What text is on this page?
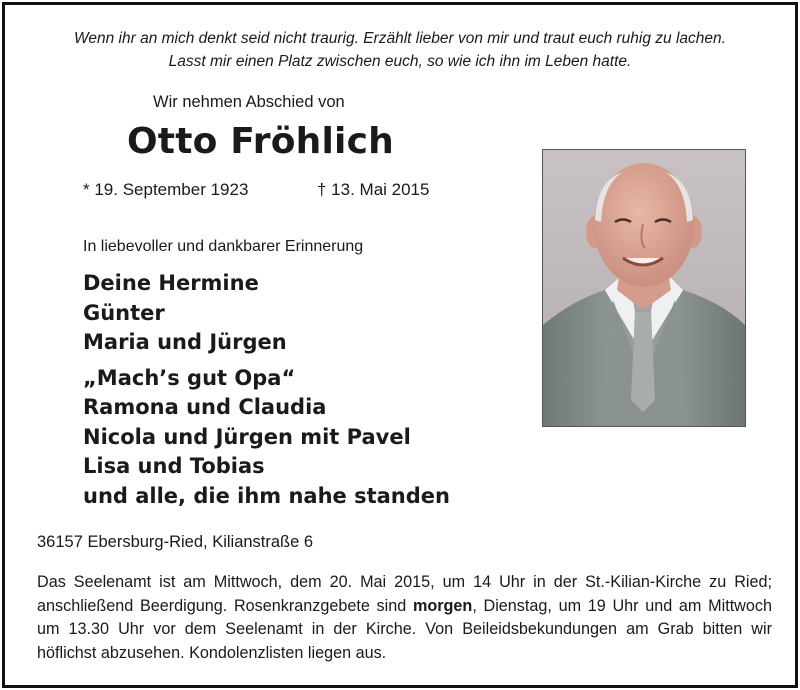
Wenn ihr an mich denkt seid nicht traurig. Erzählt lieber von mir und traut euch ruhig zu lachen.
Lasst mir einen Platz zwischen euch, so wie ich ihn im Leben hatte.
Wir nehmen Abschied von
Otto Fröhlich
* 19. September 1923	† 13. Mai 2015
In liebevoller und dankbarer Erinnerung
Deine Hermine
Günter
Maria und Jürgen
„Mach’s gut Opa“
Ramona und Claudia
Nicola und Jürgen mit Pavel
Lisa und Tobias
und alle, die ihm nahe standen
36157 Ebersburg-Ried, Kilianstraße 6
Das Seelenamt ist am Mittwoch, dem 20. Mai 2015, um 14 Uhr in der St.-Kilian-Kirche zu Ried; anschließend Beerdigung. Rosenkranzgebete sind morgen, Dienstag, um 19 Uhr und am Mittwoch um 13.30 Uhr vor dem Seelenamt in der Kirche. Von Beileidsbekundungen am Grab bitten wir höflichst abzusehen. Kondolenzlisten liegen aus.
